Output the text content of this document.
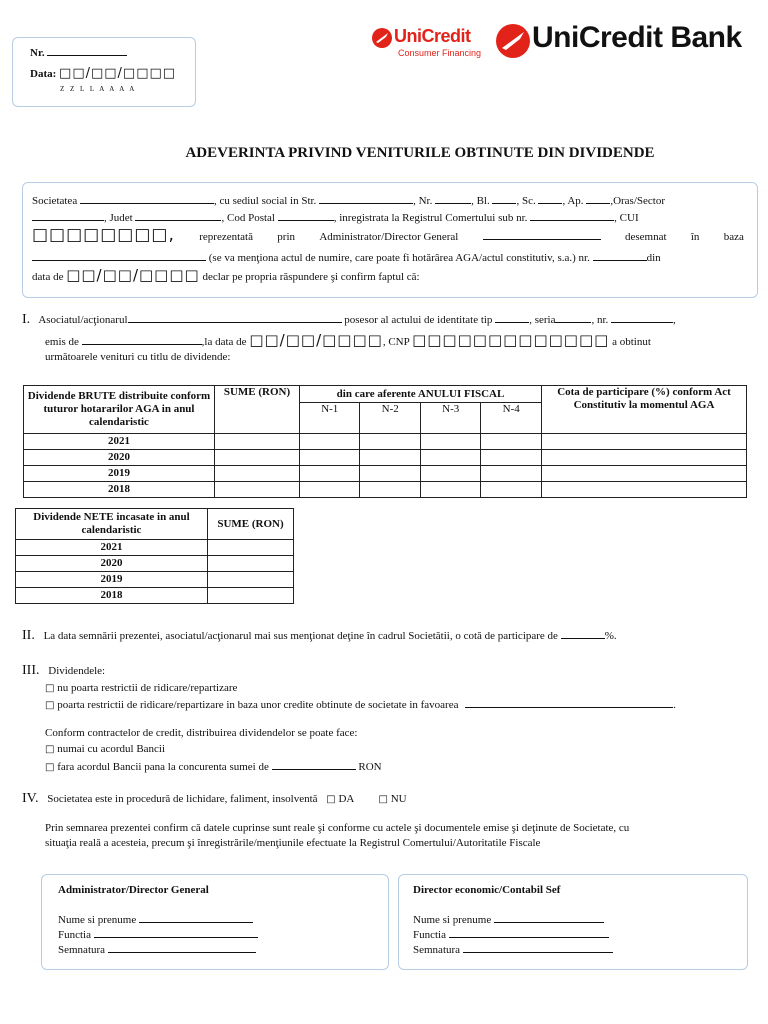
Nr.
Data: □□/□□/□□□□
Z Z L L A A A A
UniCredit
Consumer Financing UniCredit Bank
ADEVERINTA PRIVIND VENITURILE OBTINUTE DIN DIVIDENDE
Societatea	, cu sediul social in Str.	, Nr.	, Bl. , Sc. , Ap. ,Oras/Sector
, Judet	, Cod Postal	, inregistrata la Registrul Comertului sub nr.	, CUI
□□□□□□□□, reprezentată prin Administrator/Director General	desemnat în baza
(se va menţiona actul de numire, care poate fi hotărârea AGA/actul constitutiv, s.a.) nr.	din
data de □□/□□/□□□□ declar pe propria răspundere şi confirm faptul că:
I. Asociatul/acţionarul	posesor al actului de identitate tip	, seria	, nr.	,
emis de	,la data de □□/□□/□□□□, CNP □□□□□□□□□□□□□ a obtinut
următoarele venituri cu titlu de dividende:
Dividende BRUTE distribuite conform tuturor hotararilor AGA in anul calendaristic	SUME (RON)	din care aferente ANULUI FISCAL				Cota de participare (%) conform Act Constitutiv la momentul AGA
		N-1	N-2	N-3	N-4	
2021						
2020						
2019						
2018						
Dividende NETE incasate in anul calendaristic	SUME (RON)
2021	
2020	
2019	
2018	
II. La data semnării prezentei, asociatul/acţionarul mai sus menţionat deţine în cadrul Societătii, o cotă de participare de	%.
III. Dividendele:
□ nu poarta restrictii de ridicare/repartizare
□ poarta restrictii de ridicare/repartizare in baza unor credite obtinute de societate in favoarea	.
Conform contractelor de credit, distribuirea dividendelor se poate face:
□ numai cu acordul Bancii
□ fara acordul Bancii pana la concurenta sumei de	RON
IV. Societatea este in procedură de lichidare, faliment, insolventă □ DA □ NU
Prin semnarea prezentei confirm că datele cuprinse sunt reale şi conforme cu actele şi documentele emise şi deţinute de Societate, cu
situaţia reală a acesteia, precum şi înregistrările/menţiunile efectuate la Registrul Comertului/Autoritatile Fiscale
Administrator/Director General
Nume si prenume
Functia
Semnatura
Director economic/Contabil Sef
Nume si prenume
Functia
Semnatura
